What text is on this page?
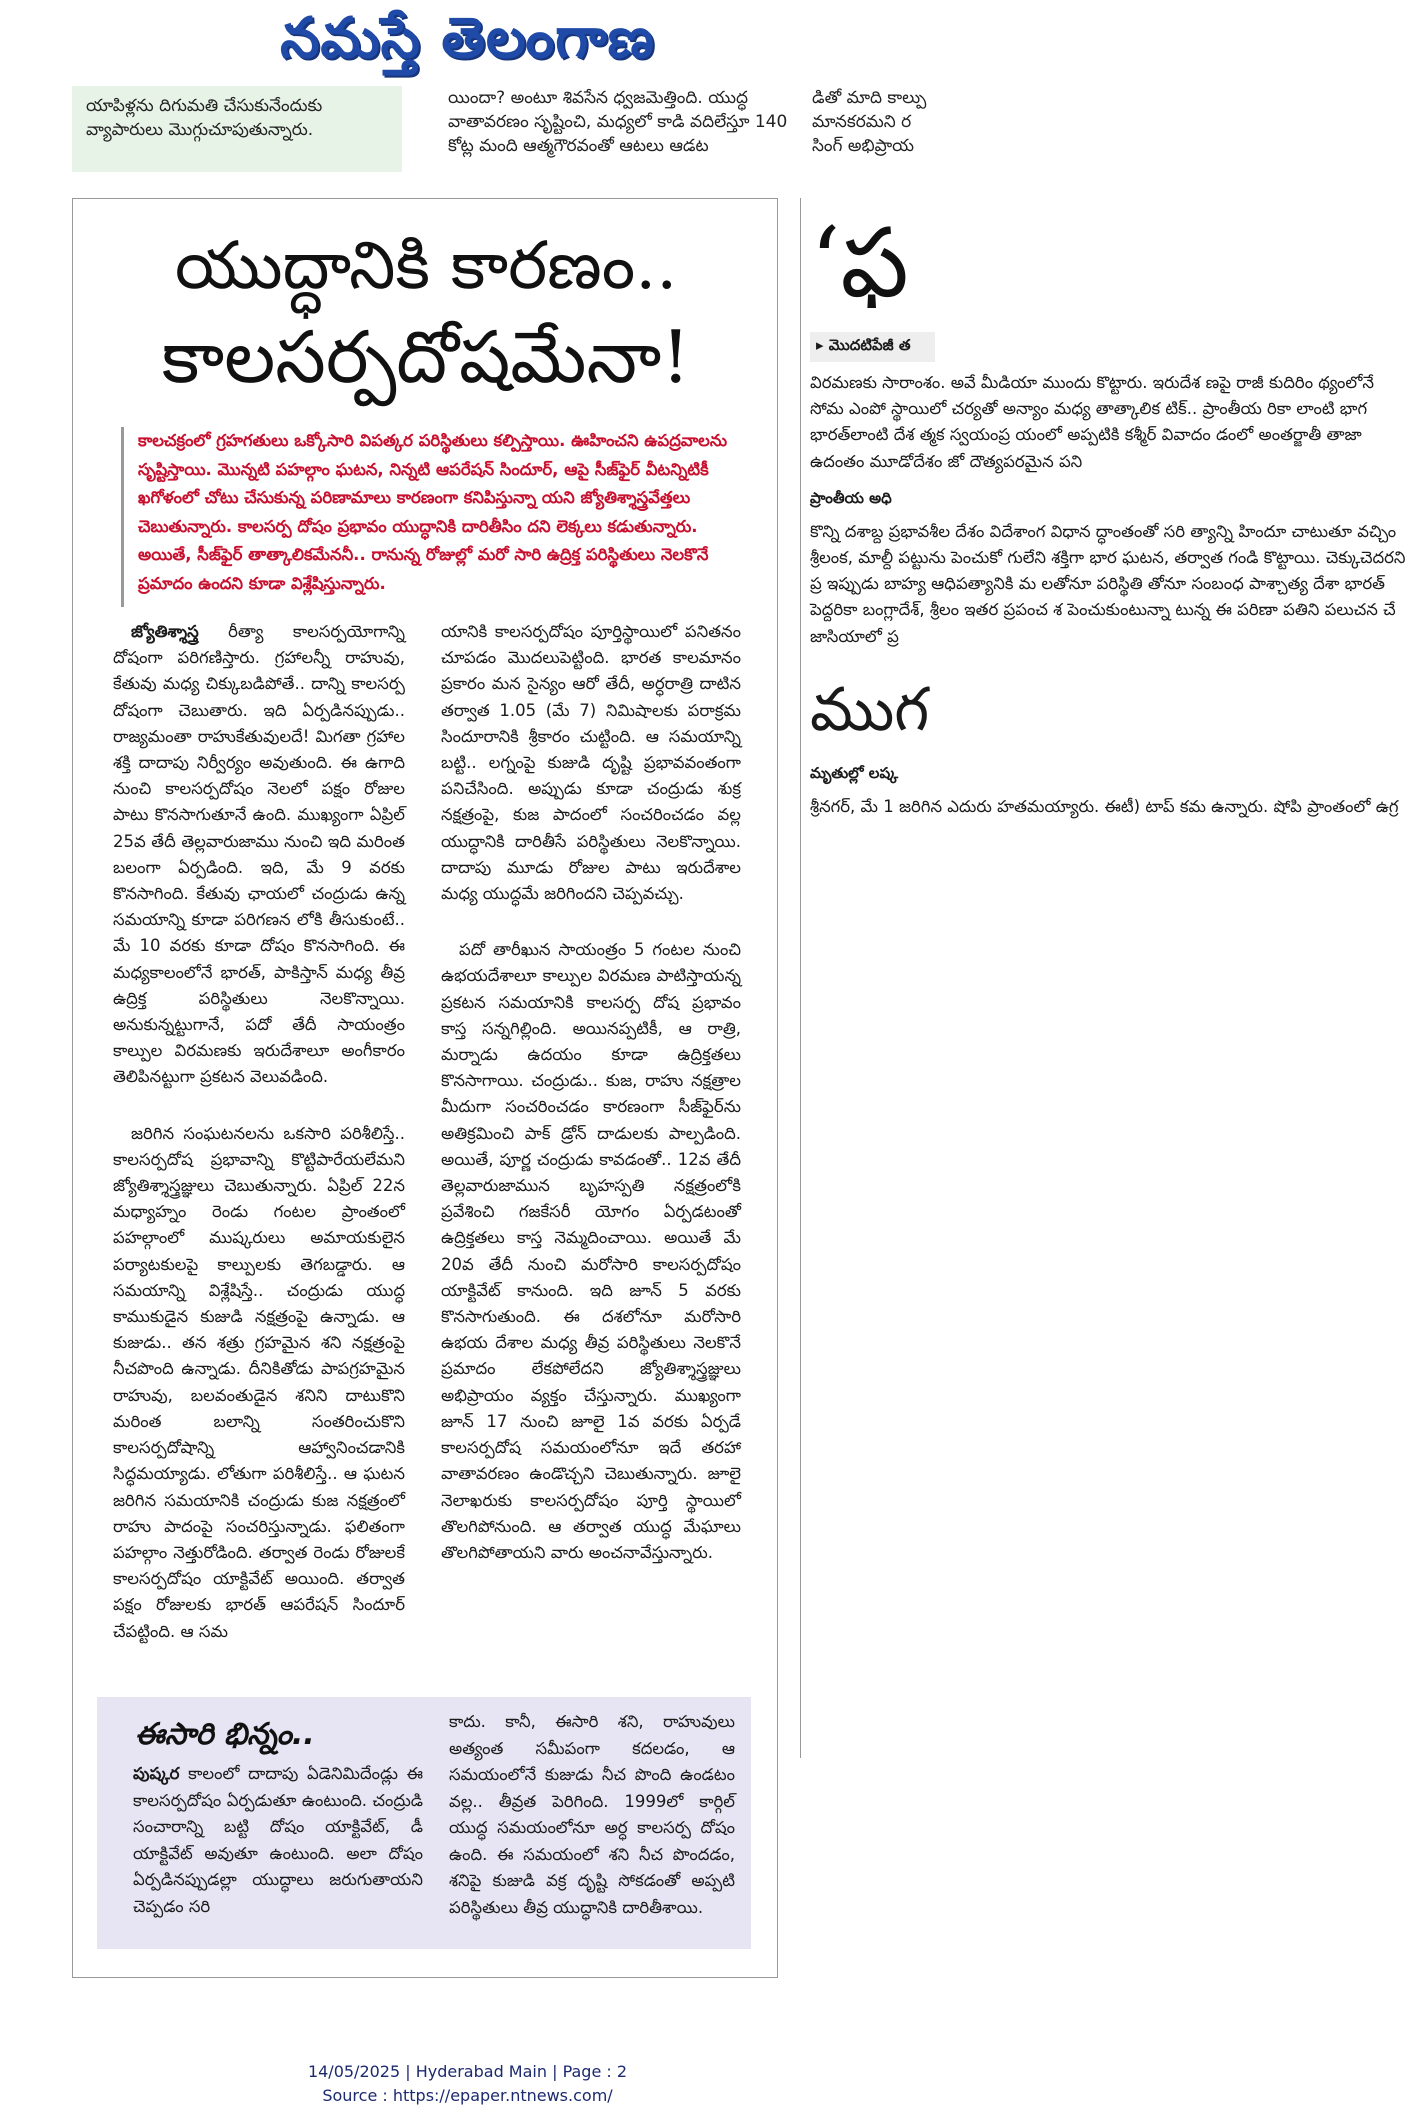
నమస్తే తెలంగాణ
యాపిళ్లను దిగుమతి చేసుకునేందుకు వ్యాపారులు మొగ్గుచూపుతున్నారు.
యిందా? అంటూ శివసేన ధ్వజమెత్తింది. యుద్ధ వాతావరణం సృష్టించి, మధ్యలో కాడి వదిలేస్తూ 140 కోట్ల మంది ఆత్మగౌరవంతో ఆటలు ఆడట
డితో మాది కాల్పు మానకరమని ర సింగ్ అభిప్రాయ
యుద్ధానికి కారణం..
కాలసర్పదోషమేనా!
కాలచక్రంలో గ్రహగతులు ఒక్కోసారి విపత్కర పరిస్థితులు కల్పిస్తాయి. ఊహించని ఉపద్రవాలను సృష్టిస్తాయి. మొన్నటి పహల్గాం ఘటన, నిన్నటి ఆపరేషన్ సిందూర్, ఆపై సీజ్‌ఫైర్ వీటన్నిటికీ ఖగోళంలో చోటు చేసుకున్న పరిణామాలు కారణంగా కనిపిస్తున్నా యని జ్యోతిశ్శాస్త్రవేత్తలు చెబుతున్నారు. కాలసర్ప దోషం ప్రభావం యుద్ధానికి దారితీసిం దని లెక్కలు కడుతున్నారు. అయితే, సీజ్‌ఫైర్ తాత్కాలికమేననీ.. రానున్న రోజుల్లో మరో సారి ఉద్రిక్త పరిస్థితులు నెలకొనే ప్రమాదం ఉందని కూడా విశ్లేషిస్తున్నారు.

జ్యోతిశ్శాస్త్ర రీత్యా కాలసర్పయోగాన్ని దోషంగా పరిగణిస్తారు. గ్రహాలన్నీ రాహువు, కేతువు మధ్య చిక్కుబడిపోతే.. దాన్ని కాలసర్ప దోషంగా చెబుతారు. ఇది ఏర్పడినప్పుడు.. రాజ్యమంతా రాహుకేతువులదే! మిగతా గ్రహాల శక్తి దాదాపు నిర్వీర్యం అవుతుంది. ఈ ఉగాది నుంచి కాలసర్పదోషం నెలలో పక్షం రోజుల పాటు కొనసాగుతూనే ఉంది. ముఖ్యంగా ఏప్రిల్ 25వ తేదీ తెల్లవారుజాము నుంచి ఇది మరింత బలంగా ఏర్పడింది. ఇది, మే 9 వరకు కొనసాగింది. కేతువు ఛాయలో చంద్రుడు ఉన్న సమయాన్ని కూడా పరిగణన లోకి తీసుకుంటే.. మే 10 వరకు కూడా దోషం కొనసాగింది. ఈ మధ్యకాలంలోనే భారత్, పాకిస్తాన్ మధ్య తీవ్ర ఉద్రిక్త పరిస్థితులు నెలకొన్నాయి. అనుకున్నట్టుగానే, పదో తేదీ సాయంత్రం కాల్పుల విరమణకు ఇరుదేశాలూ అంగీకారం తెలిపినట్టుగా ప్రకటన వెలువడింది.

జరిగిన సంఘటనలను ఒకసారి పరిశీలిస్తే.. కాలసర్పదోష ప్రభావాన్ని కొట్టిపారేయలేమని జ్యోతిశ్శాస్త్రజ్ఞులు చెబుతున్నారు. ఏప్రిల్ 22న మధ్యాహ్నం రెండు గంటల ప్రాంతంలో పహల్గాంలో ముష్కరులు అమాయకులైన పర్యాటకులపై కాల్పులకు తెగబడ్డారు. ఆ సమయాన్ని విశ్లేషిస్తే.. చంద్రుడు యుద్ధ కాముకుడైన కుజుడి నక్షత్రంపై ఉన్నాడు. ఆ కుజుడు.. తన శత్రు గ్రహమైన శని నక్షత్రంపై నీచపొంది ఉన్నాడు. దీనికితోడు పాపగ్రహమైన రాహువు, బలవంతుడైన శనిని దాటుకొని మరింత బలాన్ని సంతరించుకొని కాలసర్పదోషాన్ని ఆహ్వానించడానికి సిద్ధమయ్యాడు. లోతుగా పరిశీలిస్తే.. ఆ ఘటన జరిగిన సమయానికి చంద్రుడు కుజ నక్షత్రంలో రాహు పాదంపై సంచరిస్తున్నాడు. ఫలితంగా పహల్గాం నెత్తురోడింది. తర్వాత రెండు రోజులకే కాలసర్పదోషం యాక్టివేట్ అయింది. తర్వాత పక్షం రోజులకు భారత్ ఆపరేషన్ సిందూర్ చేపట్టింది. ఆ సమ

యానికి కాలసర్పదోషం పూర్తిస్థాయిలో పనితనం చూపడం మొదలుపెట్టింది. భారత కాలమానం ప్రకారం మన సైన్యం ఆరో తేదీ, అర్ధరాత్రి దాటిన తర్వాత 1.05 (మే 7) నిమిషాలకు పరాక్రమ సిందూరానికి శ్రీకారం చుట్టింది. ఆ సమయాన్ని బట్టి.. లగ్నంపై కుజుడి దృష్టి ప్రభావవంతంగా పనిచేసింది. అప్పుడు కూడా చంద్రుడు శుక్ర నక్షత్రంపై, కుజ పాదంలో సంచరించడం వల్ల యుద్ధానికి దారితీసే పరిస్థితులు నెలకొన్నాయి. దాదాపు మూడు రోజుల పాటు ఇరుదేశాల మధ్య యుద్ధమే జరిగిందని చెప్పవచ్చు.

పదో తారీఖున సాయంత్రం 5 గంటల నుంచి ఉభయదేశాలూ కాల్పుల విరమణ పాటిస్తాయన్న ప్రకటన సమయానికి కాలసర్ప దోష ప్రభావం కాస్త సన్నగిల్లింది. అయినప్పటికీ, ఆ రాత్రి, మర్నాడు ఉదయం కూడా ఉద్రిక్తతలు కొనసాగాయి. చంద్రుడు.. కుజ, రాహు నక్షత్రాల మీదుగా సంచరించడం కారణంగా సీజ్‌ఫైర్‌ను అతిక్రమించి పాక్ డ్రోన్ దాడులకు పాల్పడింది. అయితే, పూర్ణ చంద్రుడు కావడంతో.. 12వ తేదీ తెల్లవారుజామున బృహస్పతి నక్షత్రంలోకి ప్రవేశించి గజకేసరీ యోగం ఏర్పడటంతో ఉద్రిక్తతలు కాస్త నెమ్మదించాయి. అయితే మే 20వ తేదీ నుంచి మరోసారి కాలసర్పదోషం యాక్టివేట్ కానుంది. ఇది జూన్ 5 వరకు కొనసాగుతుంది. ఈ దశలోనూ మరోసారి ఉభయ దేశాల మధ్య తీవ్ర పరిస్థితులు నెలకొనే ప్రమాదం లేకపోలేదని జ్యోతిశ్శాస్త్రజ్ఞులు అభిప్రాయం వ్యక్తం చేస్తున్నారు. ముఖ్యంగా జూన్ 17 నుంచి జూలై 1వ వరకు ఏర్పడే కాలసర్పదోష సమయంలోనూ ఇదే తరహా వాతావరణం ఉండొచ్చని చెబుతున్నారు. జూలై నెలాఖరుకు కాలసర్పదోషం పూర్తి స్థాయిలో తొలగిపోనుంది. ఆ తర్వాత యుద్ధ మేఘాలు తొలగిపోతాయని వారు అంచనావేస్తున్నారు.

ఈసారి భిన్నం..
పుష్కర కాలంలో దాదాపు ఏడెనిమిదేండ్లు ఈ కాలసర్పదోషం ఏర్పడుతూ ఉంటుంది. చంద్రుడి సంచారాన్ని బట్టి దోషం యాక్టివేట్, డీ యాక్టివేట్ అవుతూ ఉంటుంది. అలా దోషం ఏర్పడినప్పుడల్లా యుద్ధాలు జరుగుతాయని చెప్పడం సరి
కాదు. కానీ, ఈసారి శని, రాహువులు అత్యంత సమీపంగా కదలడం, ఆ సమయంలోనే కుజుడు నీచ పొంది ఉండటం వల్ల.. తీవ్రత పెరిగింది. 1999లో కార్గిల్ యుద్ధ సమయంలోనూ అర్ధ కాలసర్ప దోషం ఉంది. ఈ సమయంలో శని నీచ పొందడం, శనిపై కుజుడి వక్ర దృష్టి సోకడంతో అప్పటి పరిస్థితులు తీవ్ర యుద్ధానికి దారితీశాయి.
‘ఫ
▸ మొదటిపేజీ త
విరమణకు సారాంశం. అవే మీడియా ముందు కొట్టారు. ఇరుదేశ ణపై రాజీ కుదిరిం థ్యంలోనే సోమ ఎంపో స్థాయిలో చర్యతో అన్యాం మధ్య తాత్కాలిక టిక్.. ప్రాంతీయ రికా లాంటి భాగ భారత్‌లాంటి దేశ త్మక స్వయంప్ర యంలో అప్పటికి కశ్మీర్ వివాదం డంలో అంతర్జాతీ తాజా ఉదంతం మూడోదేశం జో దౌత్యపరమైన పని
ప్రాంతీయ అధి
కొన్ని దశాబ్ద ప్రభావశీల దేశం విదేశాంగ విధాన ద్ధాంతంతో సరి త్యాన్ని హిందూ చాటుతూ వచ్చిం శ్రీలంక, మాల్దీ పట్టును పెంచుకో గులేని శక్తిగా భార ఘటన, తర్వాత గండి కొట్టాయి. చెక్కుచెదరని ప్ర ఇప్పుడు బాహ్య ఆధిపత్యానికి మ లతోనూ పరిస్థితి తోనూ సంబంధ పాశ్చాత్య దేశా భారత్ పెద్దరికా బంగ్లాదేశ్, శ్రీలం ఇతర ప్రపంచ శ పెంచుకుంటున్నా టున్న ఈ పరిణా పతిని పలుచన చే జాసియాలో ప్ర
ముగ
మృతుల్లో లష్క
శ్రీనగర్, మే 1 జరిగిన ఎదురు హతమయ్యారు. ఈటీ) టాప్ కమ ఉన్నారు. షోపి ప్రాంతంలో ఉగ్ర
14/05/2025 | Hyderabad Main | Page : 2
Source : https://epaper.ntnews.com/
